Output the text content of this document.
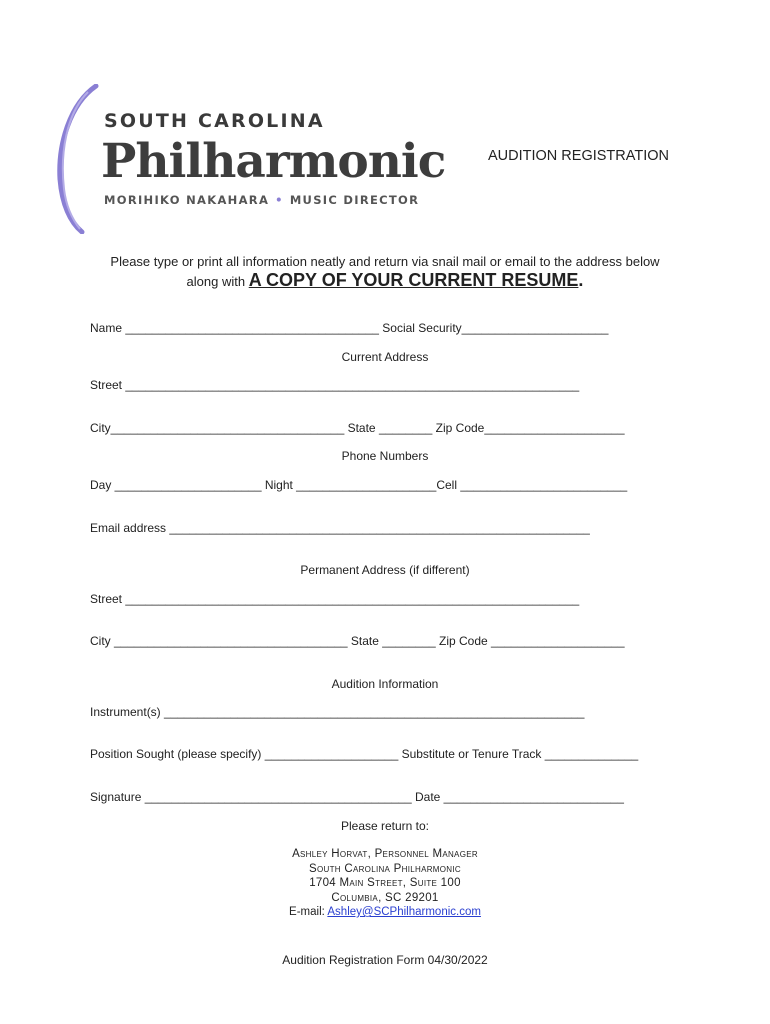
SOUTH CAROLINA
Philharmonic
MORIHIKO NAKAHARA • MUSIC DIRECTOR
AUDITION REGISTRATION
Please type or print all information neatly and return via snail mail or email to the address below
along with A COPY OF YOUR CURRENT RESUME.
Name ______________________________________ Social Security______________________
Current Address
Street ____________________________________________________________________
City___________________________________ State ________ Zip Code_____________________
Phone Numbers
Day ______________________ Night _____________________Cell _________________________
Email address _______________________________________________________________
Permanent Address (if different)
Street ____________________________________________________________________
City ___________________________________ State ________ Zip Code ____________________
Audition Information
Instrument(s) _______________________________________________________________
Position Sought (please specify) ____________________ Substitute or Tenure Track ______________
Signature ________________________________________ Date ___________________________
Please return to:
Ashley Horvat, Personnel Manager
South Carolina Philharmonic
1704 Main Street, Suite 100
Columbia, SC 29201
E-mail: Ashley@SCPhilharmonic.com
Audition Registration Form 04/30/2022
